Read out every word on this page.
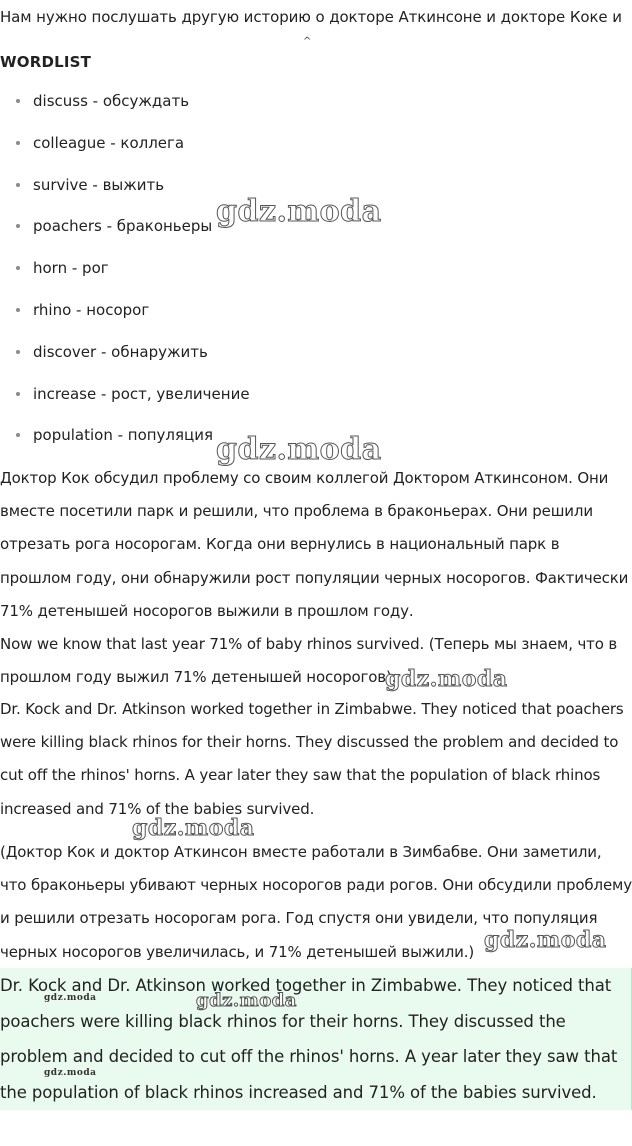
Нам нужно послушать другую историю о докторе Аткинсоне и докторе Коке и
^
WORDLIST
discuss - обсуждать
colleague - коллега
survive - выжить
poachers - браконьеры
horn - рог
rhino - носорог
discover - обнаружить
increase - рост, увеличение
population - популяция

Доктор Кок обсудил проблему со своим коллегой Доктором Аткинсоном. Они вместе посетили парк и решили, что проблема в браконьерах. Они решили отрезать рога носорогам. Когда они вернулись в национальный парк в прошлом году, они обнаружили рост популяции черных носорогов. Фактически 71% детенышей носорогов выжили в прошлом году.

Now we know that last year 71% of baby rhinos survived. (Теперь мы знаем, что в прошлом году выжил 71% детенышей носорогов).

Dr. Kock and Dr. Atkinson worked together in Zimbabwe. They noticed that poachers were killing black rhinos for their horns. They discussed the problem and decided to cut off the rhinos' horns. A year later they saw that the population of black rhinos increased and 71% of the babies survived.

(Доктор Кок и доктор Аткинсон вместе работали в Зимбабве. Они заметили, что браконьеры убивают черных носорогов ради рогов. Они обсудили проблему и решили отрезать носорогам рога. Год спустя они увидели, что популяция черных носорогов увеличилась, и 71% детенышей выжили.)

Dr. Kock and Dr. Atkinson worked together in Zimbabwe. They noticed that poachers were killing black rhinos for their horns. They discussed the problem and decided to cut off the rhinos' horns. A year later they saw that the population of black rhinos increased and 71% of the babies survived.

gdz.moda
gdz.moda
gdz.moda
gdz.moda
gdz.moda
gdz.moda
gdz.moda
gdz.moda
